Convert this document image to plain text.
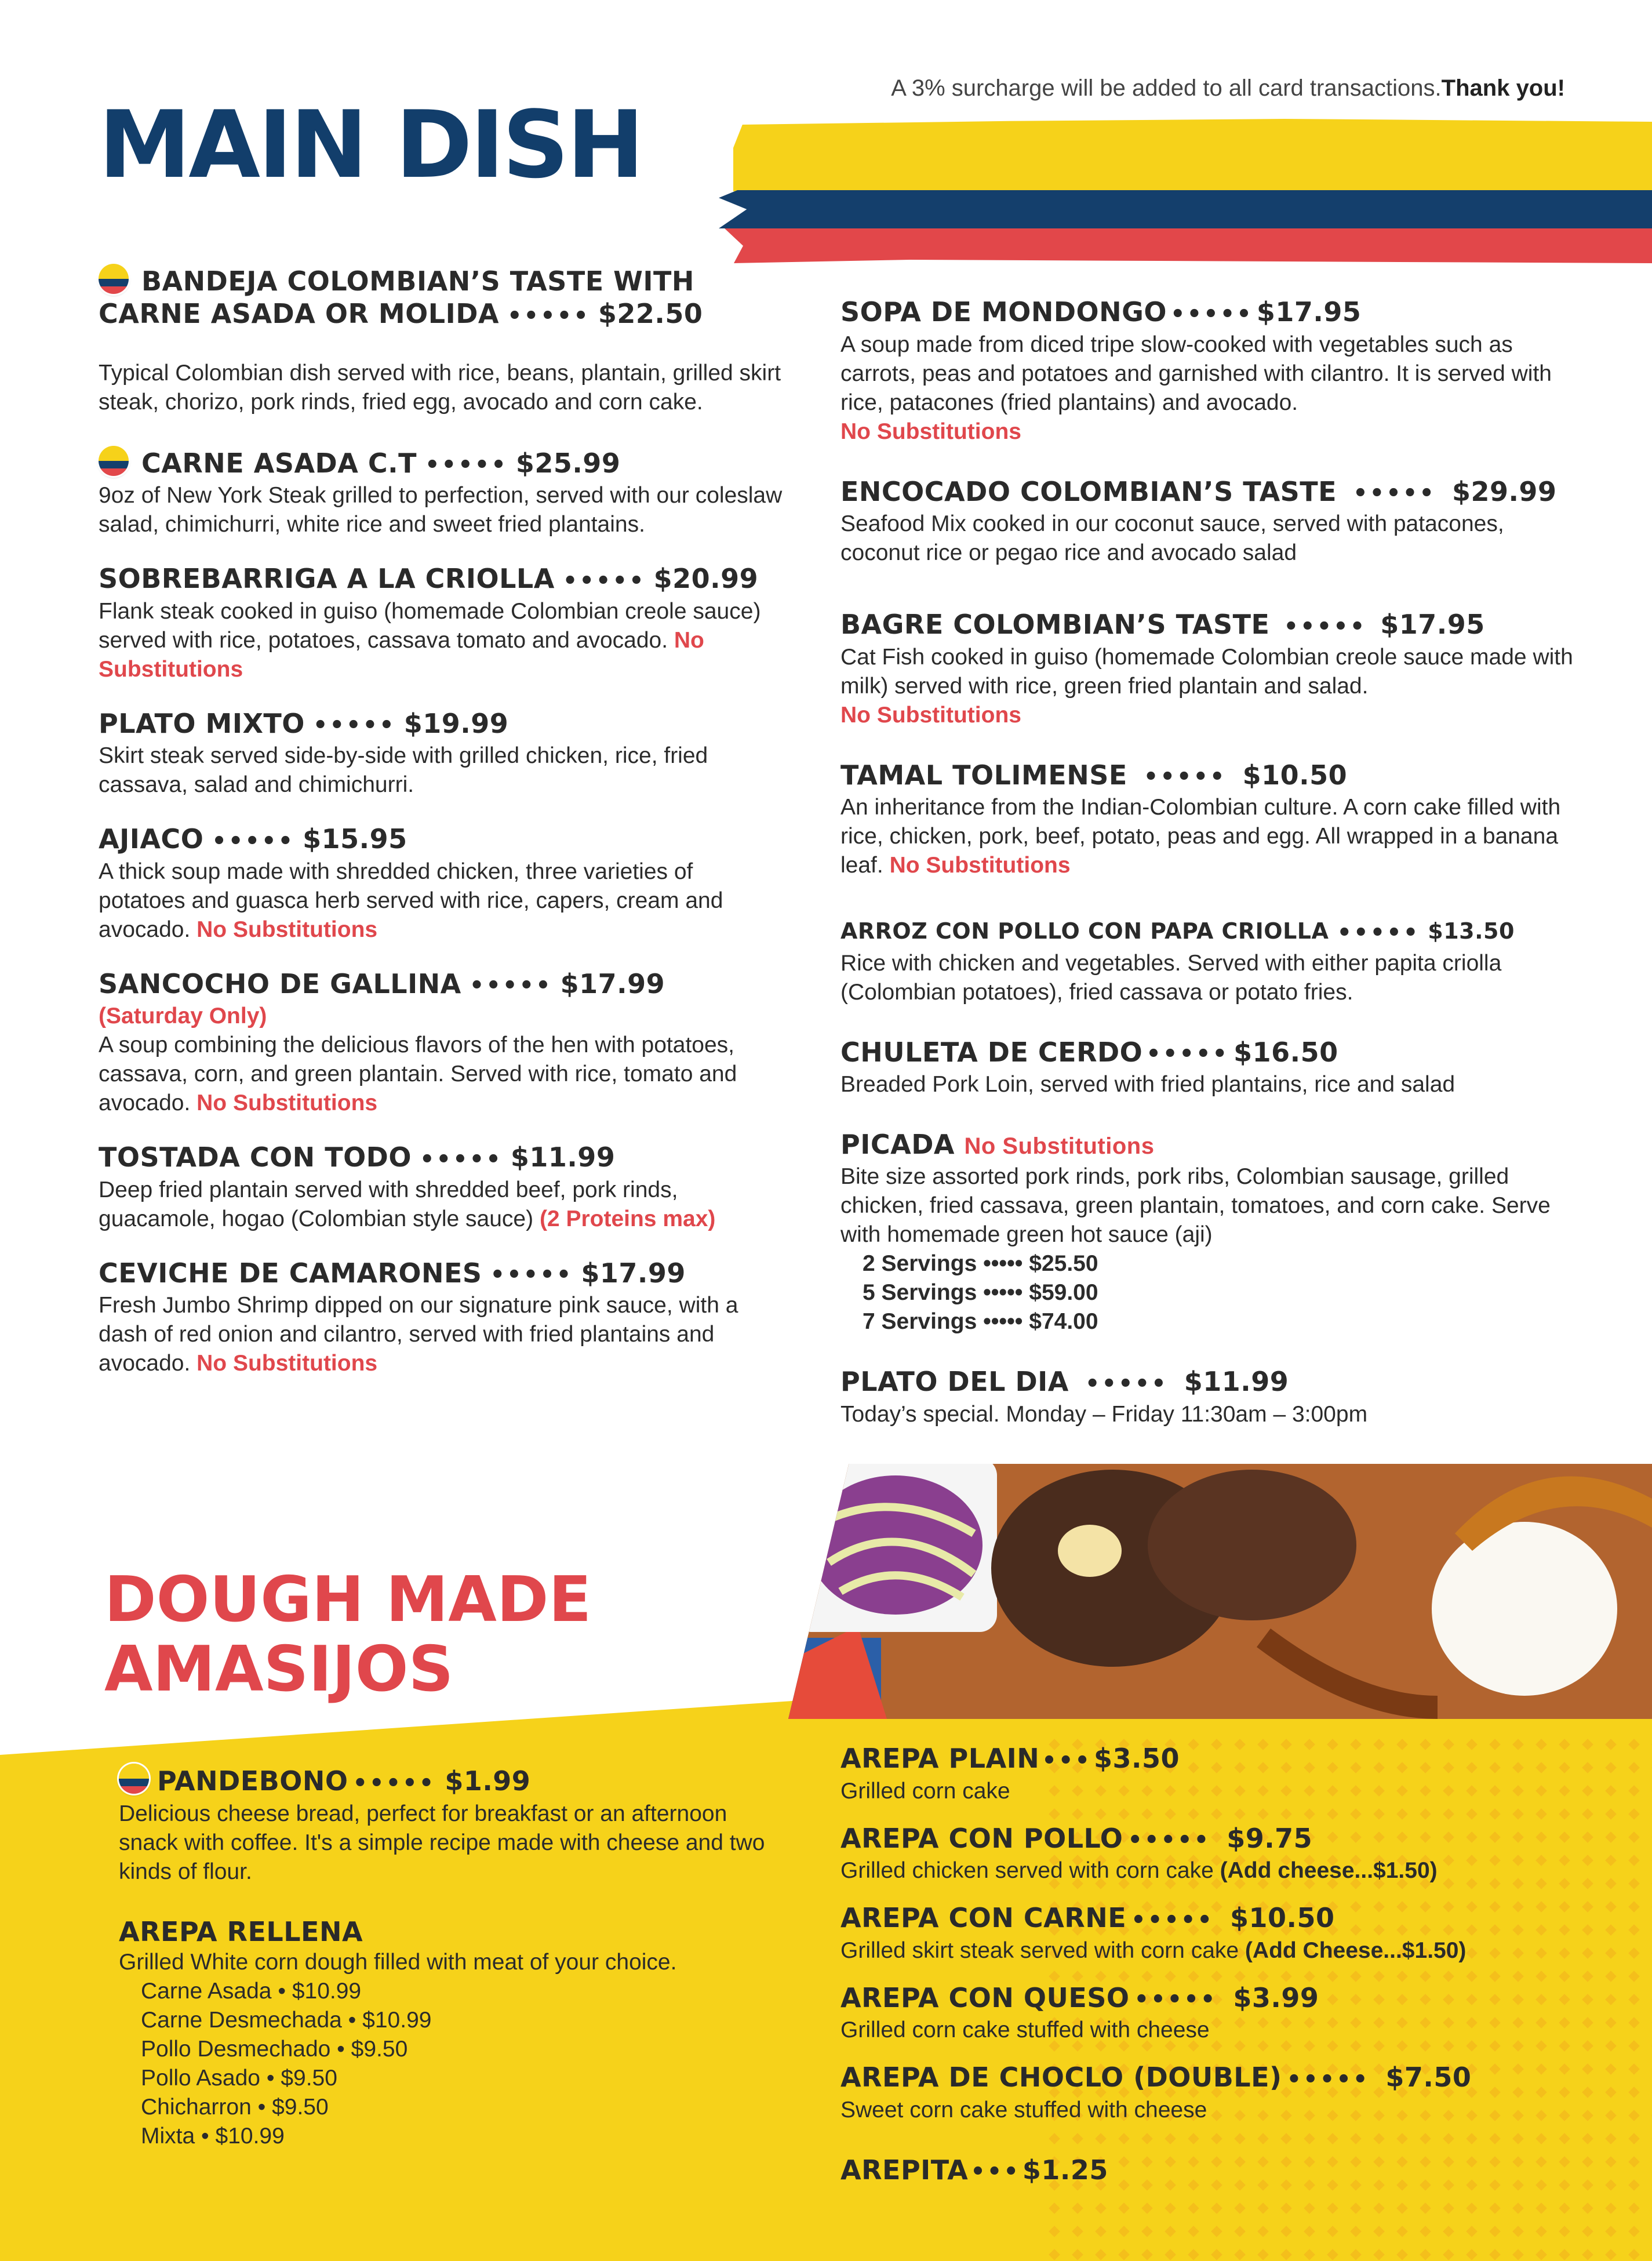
A 3% surcharge will be added to all card transactions.Thank you!
MAIN DISH
BANDEJA COLOMBIAN’S TASTE WITH
CARNE ASADA OR MOLIDA ••••• $22.50
Typical Colombian dish served with rice, beans, plantain, grilled skirt steak, chorizo, pork rinds, fried egg, avocado and corn cake.
CARNE ASADA C.T ••••• $25.99
9oz of New York Steak grilled to perfection, served with our coleslaw salad, chimichurri, white rice and sweet fried plantains.
SOBREBARRIGA A LA CRIOLLA ••••• $20.99
Flank steak cooked in guiso (homemade Colombian creole sauce) served with rice, potatoes, cassava tomato and avocado. No Substitutions
PLATO MIXTO ••••• $19.99
Skirt steak served side-by-side with grilled chicken, rice, fried cassava, salad and chimichurri.
AJIACO ••••• $15.95
A thick soup made with shredded chicken, three varieties of potatoes and guasca herb served with rice, capers, cream and avocado. No Substitutions
SANCOCHO DE GALLINA ••••• $17.99
(Saturday Only)
A soup combining the delicious flavors of the hen with potatoes, cassava, corn, and green plantain. Served with rice, tomato and avocado. No Substitutions
TOSTADA CON TODO ••••• $11.99
Deep fried plantain served with shredded beef, pork rinds, guacamole, hogao (Colombian style sauce) (2 Proteins max)
CEVICHE DE CAMARONES ••••• $17.99
Fresh Jumbo Shrimp dipped on our signature pink sauce, with a dash of red onion and cilantro, served with fried plantains and avocado. No Substitutions
SOPA DE MONDONGO ••••• $17.95
A soup made from diced tripe slow-cooked with vegetables such as carrots, peas and potatoes and garnished with cilantro. It is served with rice, patacones (fried plantains) and avocado.
No Substitutions
ENCOCADO COLOMBIAN’S TASTE ••••• $29.99
Seafood Mix cooked in our coconut sauce, served with patacones, coconut rice or pegao rice and avocado salad
BAGRE COLOMBIAN’S TASTE ••••• $17.95
Cat Fish cooked in guiso (homemade Colombian creole sauce made with milk) served with rice, green fried plantain and salad.
No Substitutions
TAMAL TOLIMENSE ••••• $10.50
An inheritance from the Indian-Colombian culture. A corn cake filled with rice, chicken, pork, beef, potato, peas and egg. All wrapped in a banana leaf. No Substitutions
ARROZ CON POLLO CON PAPA CRIOLLA ••••• $13.50
Rice with chicken and vegetables. Served with either papita criolla (Colombian potatoes), fried cassava or potato fries.
CHULETA DE CERDO ••••• $16.50
Breaded Pork Loin, served with fried plantains, rice and salad
PICADA No Substitutions
Bite size assorted pork rinds, pork ribs, Colombian sausage, grilled chicken, fried cassava, green plantain, tomatoes, and corn cake. Serve with homemade green hot sauce (aji)
2 Servings ••••• $25.50
5 Servings ••••• $59.00
7 Servings ••••• $74.00
PLATO DEL DIA ••••• $11.99
Today’s special. Monday – Friday 11:30am – 3:00pm
DOUGH MADE
AMASIJOS
PANDEBONO ••••• $1.99
Delicious cheese bread, perfect for breakfast or an afternoon snack with coffee. It's a simple recipe made with cheese and two kinds of flour.
AREPA RELLENA
Grilled White corn dough filled with meat of your choice.
Carne Asada • $10.99
Carne Desmechada • $10.99
Pollo Desmechado • $9.50
Pollo Asado • $9.50
Chicharron • $9.50
Mixta • $10.99
AREPA PLAIN •••$3.50
Grilled corn cake
AREPA CON POLLO ••••• $9.75
Grilled chicken served with corn cake (Add cheese...$1.50)
AREPA CON CARNE ••••• $10.50
Grilled skirt steak served with corn cake (Add Cheese...$1.50)
AREPA CON QUESO ••••• $3.99
Grilled corn cake stuffed with cheese
AREPA DE CHOCLO (DOUBLE) ••••• $7.50
Sweet corn cake stuffed with cheese
AREPITA •••$1.25
